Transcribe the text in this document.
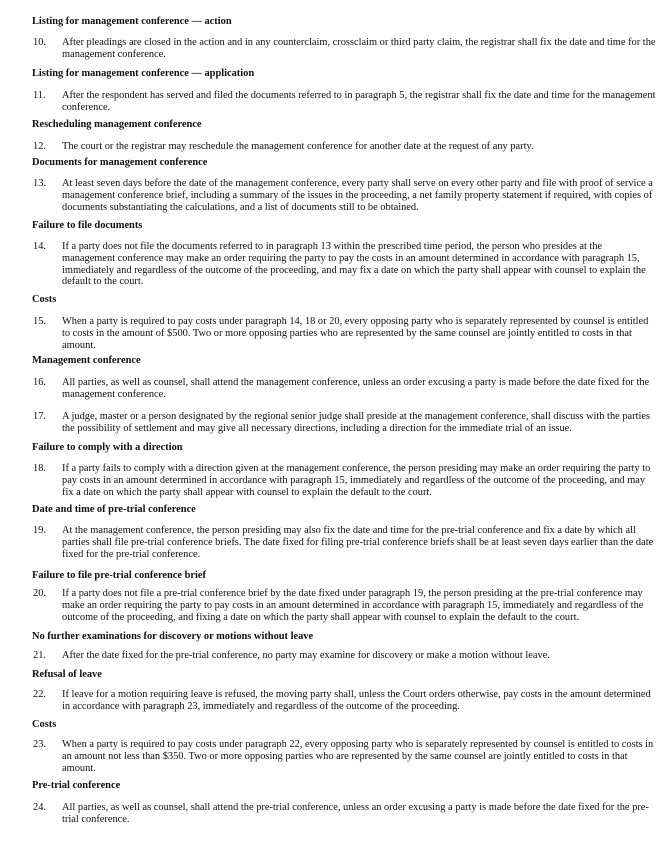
Listing for management conference — action
10.	After pleadings are closed in the action and in any counterclaim, crossclaim or third party claim, the registrar shall fix the date and time for the management conference.
Listing for management conference — application
11.	After the respondent has served and filed the documents referred to in paragraph 5, the registrar shall fix the date and time for the management conference.
Rescheduling management conference
12.	The court or the registrar may reschedule the management conference for another date at the request of any party.
Documents for management conference
13.	At least seven days before the date of the management conference, every party shall serve on every other party and file with proof of service a management conference brief, including a summary of the issues in the proceeding, a net family property statement if required, with copies of documents substantiating the calculations, and a list of documents still to be obtained.
Failure to file documents
14.	If a party does not file the documents referred to in paragraph 13 within the prescribed time period, the person who presides at the management conference may make an order requiring the party to pay the costs in an amount determined in accordance with paragraph 15, immediately and regardless of the outcome of the proceeding, and may fix a date on which the party shall appear with counsel to explain the default to the court.
Costs
15.	When a party is required to pay costs under paragraph 14, 18 or 20, every opposing party who is separately represented by counsel is entitled to costs in the amount of $500. Two or more opposing parties who are represented by the same counsel are jointly entitled to costs in that amount.
Management conference
16.	All parties, as well as counsel, shall attend the management conference, unless an order excusing a party is made before the date fixed for the management conference.
17.	A judge, master or a person designated by the regional senior judge shall preside at the management conference, shall discuss with the parties the possibility of settlement and may give all necessary directions, including a direction for the immediate trial of an issue.
Failure to comply with a direction
18.	If a party fails to comply with a direction given at the management conference, the person presiding may make an order requiring the party to pay costs in an amount determined in accordance with paragraph 15, immediately and regardless of the outcome of the proceeding, and may fix a date on which the party shall appear with counsel to explain the default to the court.
Date and time of pre-trial conference
19.	At the management conference, the person presiding may also fix the date and time for the pre-trial conference and fix a date by which all parties shall file pre-trial conference briefs. The date fixed for filing pre-trial conference briefs shall be at least seven days earlier than the date fixed for the pre-trial conference.
Failure to file pre-trial conference brief
20.	If a party does not file a pre-trial conference brief by the date fixed under paragraph 19, the person presiding at the pre-trial conference may make an order requiring the party to pay costs in an amount determined in accordance with paragraph 15, immediately and regardless of the outcome of the proceeding, and fixing a date on which the party shall appear with counsel to explain the default to the court.
No further examinations for discovery or motions without leave
21.	After the date fixed for the pre-trial conference, no party may examine for discovery or make a motion without leave.
Refusal of leave
22.	If leave for a motion requiring leave is refused, the moving party shall, unless the Court orders otherwise, pay costs in the amount determined in accordance with paragraph 23, immediately and regardless of the outcome of the proceeding.
Costs
23.	When a party is required to pay costs under paragraph 22, every opposing party who is separately represented by counsel is entitled to costs in an amount not less than $350. Two or more opposing parties who are represented by the same counsel are jointly entitled to costs in that amount.
Pre-trial conference
24.	All parties, as well as counsel, shall attend the pre-trial conference, unless an order excusing a party is made before the date fixed for the pre-trial conference.
